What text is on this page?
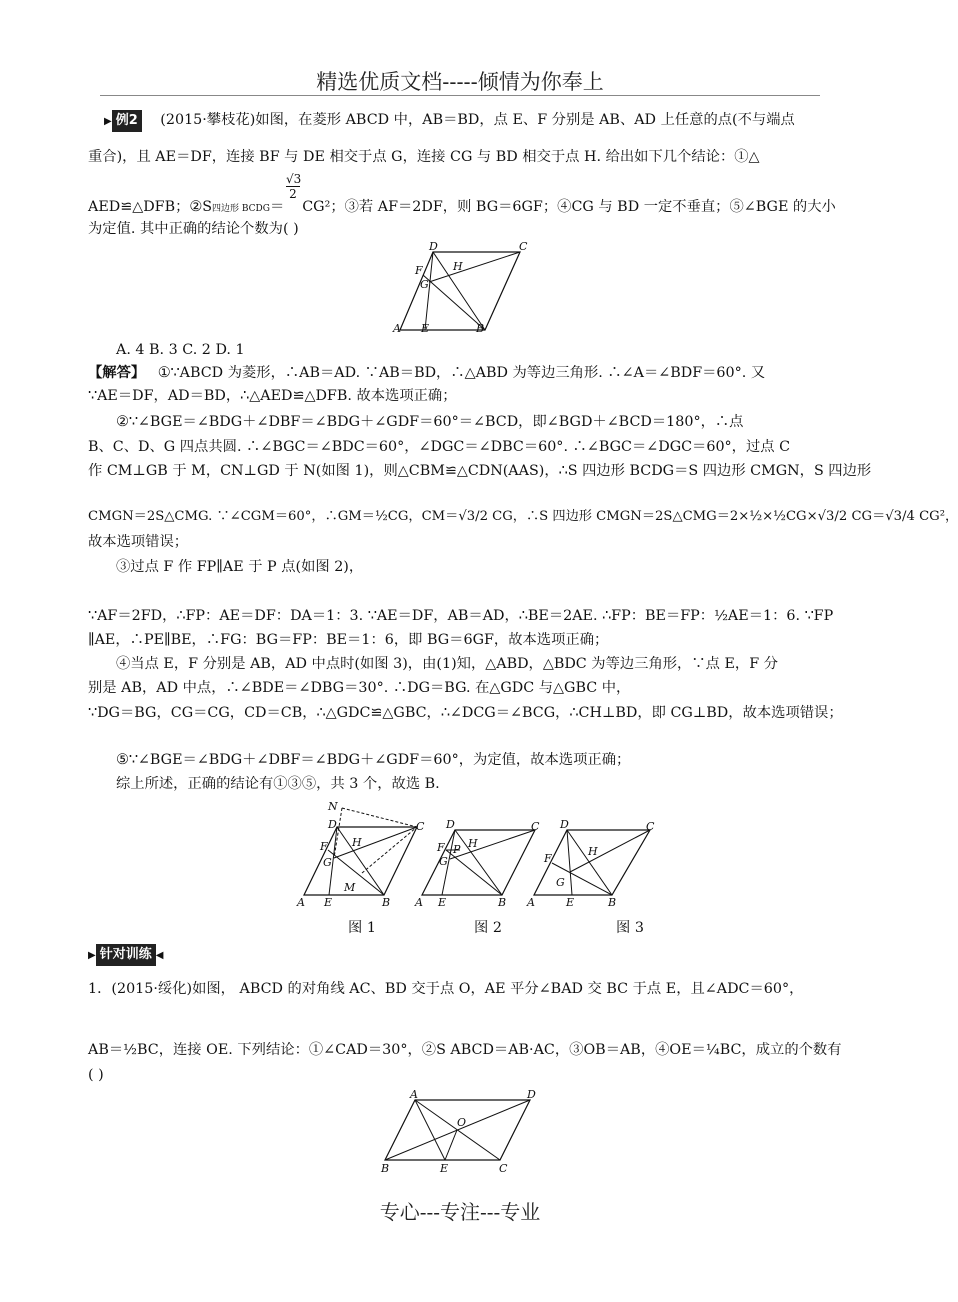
精选优质文档-----倾情为你奉上
▶ 例2 (2015·攀枝花)如图，在菱形 ABCD 中，AB＝BD，点 E、F 分别是 AB、AD 上任意的点(不与端点
重合)，且 AE＝DF，连接 BF 与 DE 相交于点 G，连接 CG 与 BD 相交于点 H. 给出如下几个结论：①△
$\frac{√3}{2}$
AED≌△DFB；②S四边形 BCDG＝ CG²；③若 AF＝2DF，则 BG＝6GF；④CG 与 BD 一定不垂直；⑤∠BGE 的大小
为定值. 其中正确的结论个数为( )
D	C
F	H
G
A E	B
A. 4 B. 3 C. 2 D. 1
【解答】 ①∵ABCD 为菱形，∴AB＝AD. ∵AB＝BD，∴△ABD 为等边三角形. ∴∠A＝∠BDF＝60°. 又
∵AE＝DF，AD＝BD，∴△AED≌△DFB. 故本选项正确；
②∵∠BGE＝∠BDG＋∠DBF＝∠BDG＋∠GDF＝60°＝∠BCD，即∠BGD＋∠BCD＝180°，∴点
B、C、D、G 四点共圆. ∴∠BGC＝∠BDC＝60°，∠DGC＝∠DBC＝60°. ∴∠BGC＝∠DGC＝60°，过点 C
作 CM⊥GB 于 M，CN⊥GD 于 N(如图 1)，则△CBM≌△CDN(AAS)，∴S 四边形 BCDG＝S 四边形 CMGN，S 四边形
CMGN＝2S△CMG. ∵∠CGM＝60°，∴GM＝½CG，CM＝√3/2 CG，∴S 四边形 CMGN＝2S△CMG＝2×½×½CG×√3/2 CG＝√3/4 CG²，
故本选项错误；
③过点 F 作 FP∥AE 于 P 点(如图 2)，
∵AF＝2FD，∴FP：AE＝DF：DA＝1：3. ∵AE＝DF，AB＝AD，∴BE＝2AE. ∴FP：BE＝FP：½AE＝1：6. ∵FP
∥AE，∴PE∥BE，∴FG：BG＝FP：BE＝1：6，即 BG＝6GF，故本选项正确；
④当点 E，F 分别是 AB，AD 中点时(如图 3)，由(1)知，△ABD，△BDC 为等边三角形，∵点 E，F 分
别是 AB，AD 中点，∴∠BDE＝∠DBG＝30°. ∴DG＝BG. 在△GDC 与△GBC 中，
∵DG＝BG，CG＝CG，CD＝CB，∴△GDC≌△GBC，∴∠DCG＝∠BCG，∴CH⊥BD，即 CG⊥BD，故本选项错误；
⑤∵∠BGE＝∠BDG＋∠DBF＝∠BDG＋∠GDF＝60°，为定值，故本选项正确；
综上所述，正确的结论有①③⑤，共 3 个，故选 B.
N
D	C
F H
G
M
A E	B
D	C
F P H
G
A E	B
D	C
F
H
G
A	E	B
图 1	图 2	图 3
▶ 针对训练 ◀
1．(2015·绥化)如图， ABCD 的对角线 AC、BD 交于点 O，AE 平分∠BAD 交 BC 于点 E，且∠ADC＝60°，
AB＝½BC，连接 OE. 下列结论：①∠CAD＝30°，②S ABCD＝AB·AC，③OB＝AB，④OE＝¼BC，成立的个数有
( )
A	D
O
B	E	C
专心---专注---专业
